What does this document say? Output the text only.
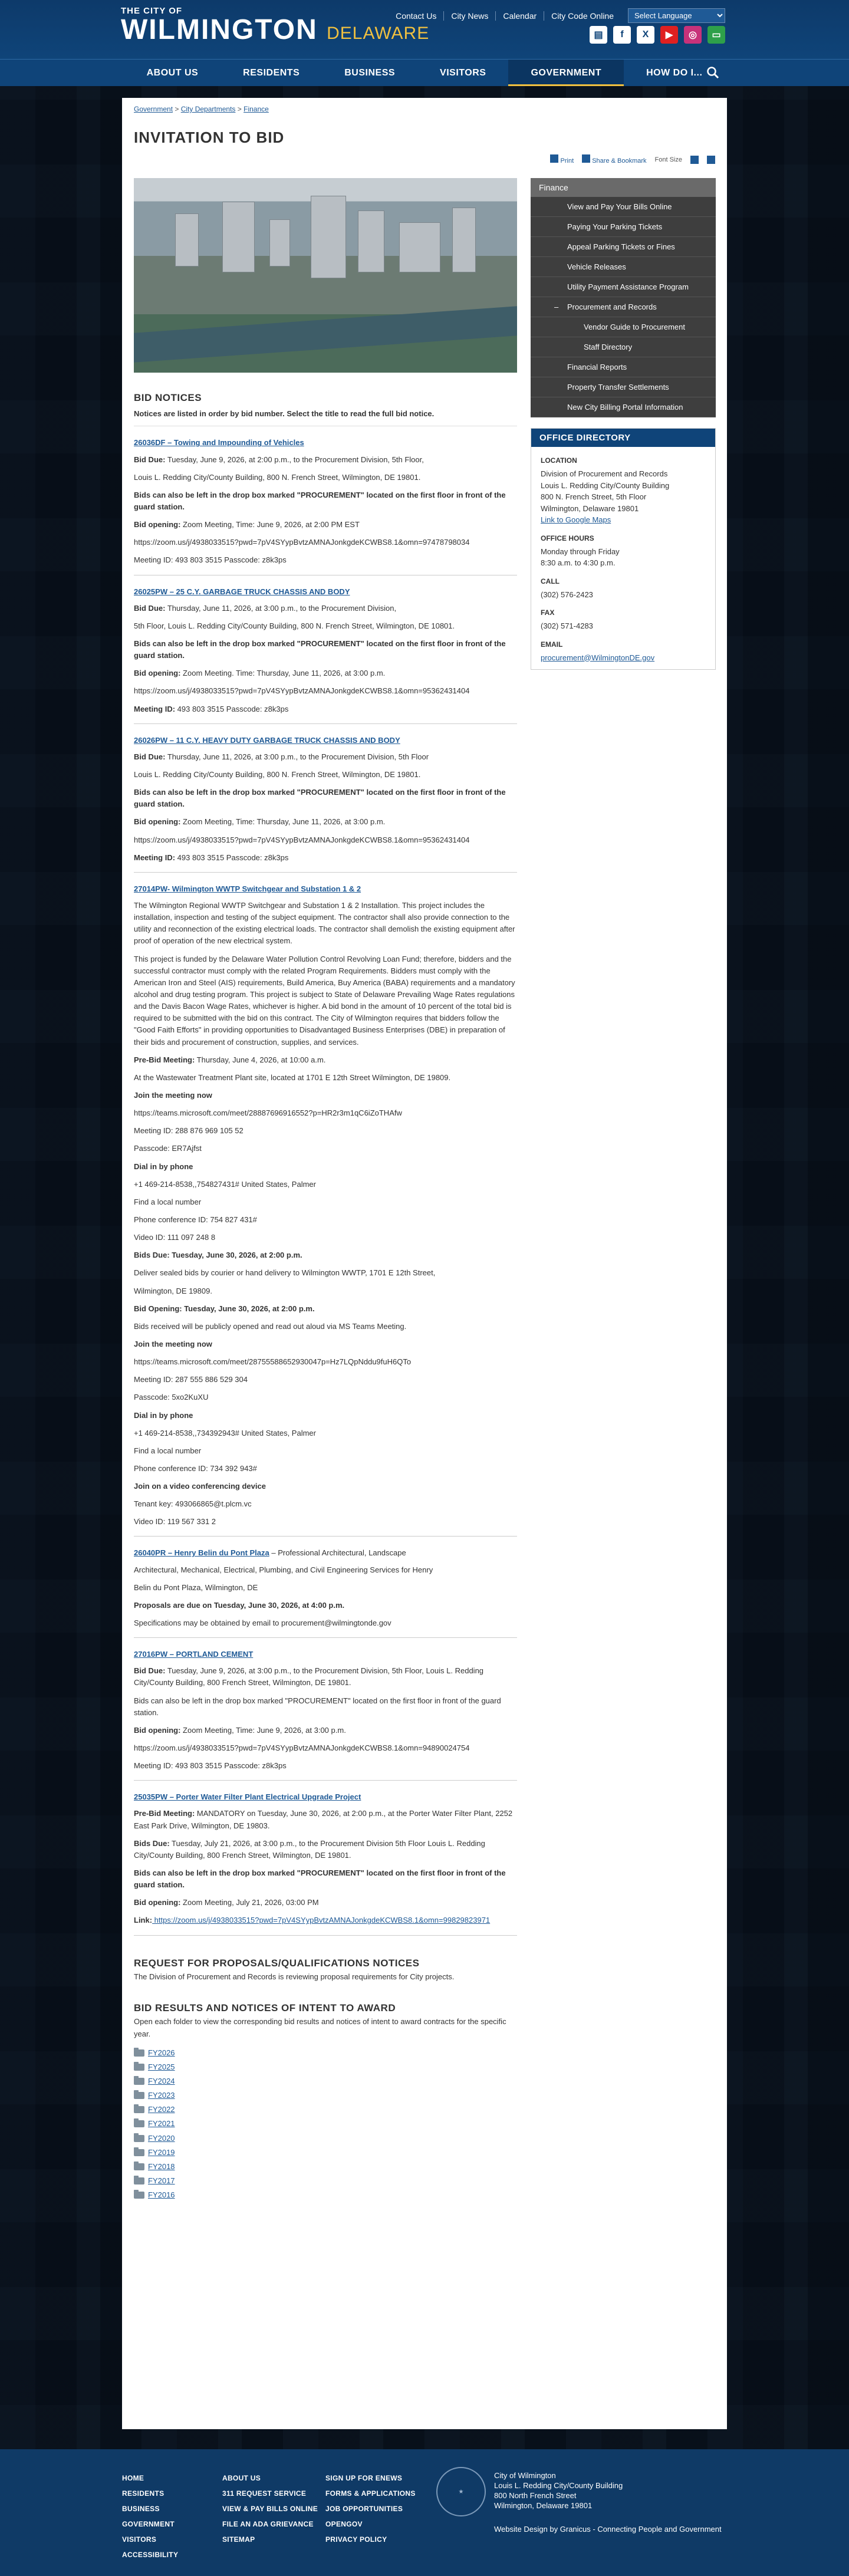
THE CITY OF
WILMINGTON DELAWARE
Contact Us	City News	Calendar	City Code Online
Select Language
▤	f	X	▶	◎	▭
ABOUT US	RESIDENTS	BUSINESS	VISITORS	GOVERNMENT	HOW DO I...
Government > City Departments > Finance
INVITATION TO BID
Print	Share & Bookmark Font Size
BID NOTICES
Notices are listed in order by bid number. Select the title to read the full bid notice.
26036DF – Towing and Impounding of Vehicles

Bid Due: Tuesday, June 9, 2026, at 2:00 p.m., to the Procurement Division, 5th Floor,

Louis L. Redding City/County Building, 800 N. French Street, Wilmington, DE 19801.

Bids can also be left in the drop box marked "PROCUREMENT" located on the first floor in front of the guard station.

Bid opening: Zoom Meeting, Time: June 9, 2026, at 2:00 PM EST

https://zoom.us/j/4938033515?pwd=7pV4SYypBvtzAMNAJonkgdeKCWBS8.1&omn=97478798034

Meeting ID: 493 803 3515 Passcode: z8k3ps

26025PW – 25 C.Y. GARBAGE TRUCK CHASSIS AND BODY

Bid Due: Thursday, June 11, 2026, at 3:00 p.m., to the Procurement Division,

5th Floor, Louis L. Redding City/County Building, 800 N. French Street, Wilmington, DE 10801.

Bids can also be left in the drop box marked "PROCUREMENT" located on the first floor in front of the guard station.

Bid opening: Zoom Meeting. Time: Thursday, June 11, 2026, at 3:00 p.m.

https://zoom.us/j/4938033515?pwd=7pV4SYypBvtzAMNAJonkgdeKCWBS8.1&omn=95362431404

Meeting ID: 493 803 3515 Passcode: z8k3ps

26026PW – 11 C.Y. HEAVY DUTY GARBAGE TRUCK CHASSIS AND BODY

Bid Due: Thursday, June 11, 2026, at 3:00 p.m., to the Procurement Division, 5th Floor

Louis L. Redding City/County Building, 800 N. French Street, Wilmington, DE 19801.

Bids can also be left in the drop box marked "PROCUREMENT" located on the first floor in front of the guard station.

Bid opening: Zoom Meeting, Time: Thursday, June 11, 2026, at 3:00 p.m.

https://zoom.us/j/4938033515?pwd=7pV4SYypBvtzAMNAJonkgdeKCWBS8.1&omn=95362431404

Meeting ID: 493 803 3515 Passcode: z8k3ps

27014PW- Wilmington WWTP Switchgear and Substation 1 & 2

The Wilmington Regional WWTP Switchgear and Substation 1 & 2 Installation. This project includes the installation, inspection and testing of the subject equipment. The contractor shall also provide connection to the utility and reconnection of the existing electrical loads. The contractor shall demolish the existing equipment after proof of operation of the new electrical system.

This project is funded by the Delaware Water Pollution Control Revolving Loan Fund; therefore, bidders and the successful contractor must comply with the related Program Requirements. Bidders must comply with the American Iron and Steel (AIS) requirements, Build America, Buy America (BABA) requirements and a mandatory alcohol and drug testing program. This project is subject to State of Delaware Prevailing Wage Rates regulations and the Davis Bacon Wage Rates, whichever is higher. A bid bond in the amount of 10 percent of the total bid is required to be submitted with the bid on this contract. The City of Wilmington requires that bidders follow the "Good Faith Efforts" in providing opportunities to Disadvantaged Business Enterprises (DBE) in preparation of their bids and procurement of construction, supplies, and services.

Pre-Bid Meeting: Thursday, June 4, 2026, at 10:00 a.m.

At the Wastewater Treatment Plant site, located at 1701 E 12th Street Wilmington, DE 19809.

Join the meeting now

https://teams.microsoft.com/meet/28887696916552?p=HR2r3m1qC6iZoTHAfw

Meeting ID: 288 876 969 105 52

Passcode: ER7Ajfst

Dial in by phone

+1 469-214-8538,,754827431# United States, Palmer

Find a local number

Phone conference ID: 754 827 431#

Video ID: 111 097 248 8

Bids Due: Tuesday, June 30, 2026, at 2:00 p.m.

Deliver sealed bids by courier or hand delivery to Wilmington WWTP, 1701 E 12th Street,

Wilmington, DE 19809.

Bid Opening: Tuesday, June 30, 2026, at 2:00 p.m.

Bids received will be publicly opened and read out aloud via MS Teams Meeting.

Join the meeting now

https://teams.microsoft.com/meet/28755588652930047p=Hz7LQpNddu9fuH6QTo

Meeting ID: 287 555 886 529 304

Passcode: 5xo2KuXU

Dial in by phone

+1 469-214-8538,,734392943# United States, Palmer

Find a local number

Phone conference ID: 734 392 943#

Join on a video conferencing device

Tenant key: 493066865@t.plcm.vc

Video ID: 119 567 331 2

26040PR – Henry Belin du Pont Plaza – Professional Architectural, Landscape

Architectural, Mechanical, Electrical, Plumbing, and Civil Engineering Services for Henry

Belin du Pont Plaza, Wilmington, DE

Proposals are due on Tuesday, June 30, 2026, at 4:00 p.m.

Specifications may be obtained by email to procurement@wilmingtonde.gov

27016PW – PORTLAND CEMENT

Bid Due: Tuesday, June 9, 2026, at 3:00 p.m., to the Procurement Division, 5th Floor, Louis L. Redding City/County Building, 800 French Street, Wilmington, DE 19801.

Bids can also be left in the drop box marked "PROCUREMENT" located on the first floor in front of the guard station.

Bid opening: Zoom Meeting, Time: June 9, 2026, at 3:00 p.m.

https://zoom.us/j/4938033515?pwd=7pV4SYypBvtzAMNAJonkgdeKCWBS8.1&omn=94890024754

Meeting ID: 493 803 3515 Passcode: z8k3ps

25035PW – Porter Water Filter Plant Electrical Upgrade Project

Pre-Bid Meeting: MANDATORY on Tuesday, June 30, 2026, at 2:00 p.m., at the Porter Water Filter Plant, 2252 East Park Drive, Wilmington, DE 19803.

Bids Due: Tuesday, July 21, 2026, at 3:00 p.m., to the Procurement Division 5th Floor Louis L. Redding City/County Building, 800 French Street, Wilmington, DE 19801.

Bids can also be left in the drop box marked "PROCUREMENT" located on the first floor in front of the guard station.

Bid opening: Zoom Meeting, July 21, 2026, 03:00 PM

Link: https://zoom.us/j/4938033515?pwd=7pV4SYypBvtzAMNAJonkgdeKCWBS8.1&omn=99829823971

REQUEST FOR PROPOSALS/QUALIFICATIONS NOTICES

The Division of Procurement and Records is reviewing proposal requirements for City projects.

BID RESULTS AND NOTICES OF INTENT TO AWARD

Open each folder to view the corresponding bid results and notices of intent to award contracts for the specific year.

FY2026
FY2025
FY2024
FY2023
FY2022
FY2021
FY2020
FY2019
FY2018
FY2017
FY2016
Finance
View and Pay Your Bills Online
Paying Your Parking Tickets
Appeal Parking Tickets or Fines
Vehicle Releases
Utility Payment Assistance Program
– Procurement and Records
Vendor Guide to Procurement
Staff Directory
Financial Reports
Property Transfer Settlements
New City Billing Portal Information
OFFICE DIRECTORY
LOCATION
Division of Procurement and Records
Louis L. Redding City/County Building
800 N. French Street, 5th Floor
Wilmington, Delaware 19801
Link to Google Maps
OFFICE HOURS
Monday through Friday
8:30 a.m. to 4:30 p.m.
CALL
(302) 576-2423
FAX
(302) 571-4283
EMAIL
procurement@WilmingtonDE.gov
HOME
RESIDENTS
BUSINESS
GOVERNMENT
VISITORS
ACCESSIBILITY
ABOUT US
311 REQUEST SERVICE
VIEW & PAY BILLS ONLINE
FILE AN ADA GRIEVANCE
SITEMAP
SIGN UP FOR ENEWS
FORMS & APPLICATIONS
JOB OPPORTUNITIES
OPENGOV
PRIVACY POLICY
★
City of Wilmington
Louis L. Redding City/County Building
800 North French Street
Wilmington, Delaware 19801
Website Design by Granicus - Connecting People and Government
